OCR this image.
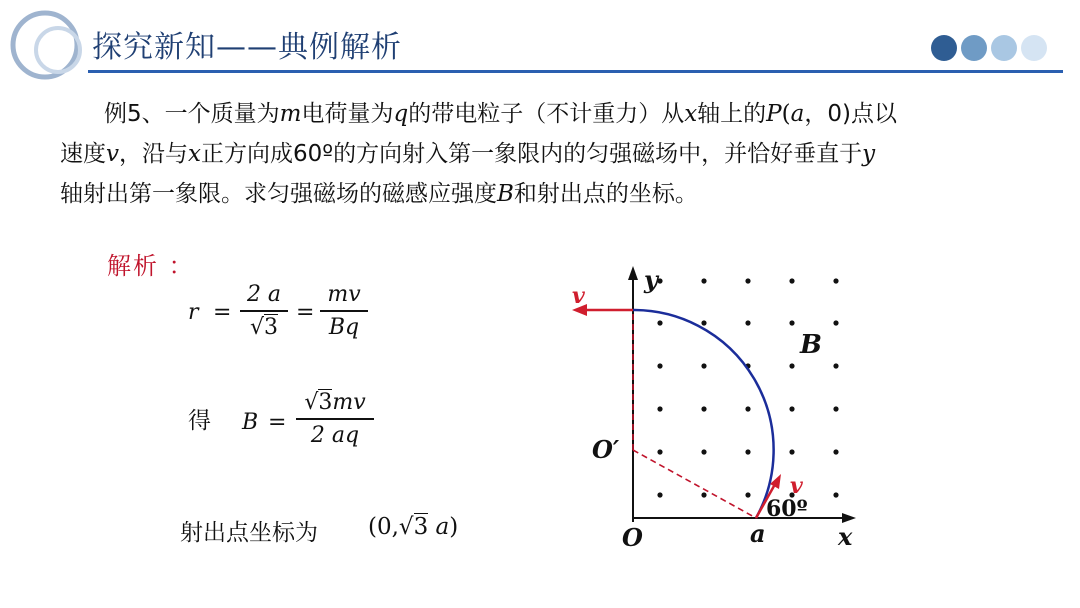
探究新知——典例解析
例5、一个质量为m电荷量为q的带电粒子（不计重力）从x轴上的P(a，0)点以
速度v，沿与x正方向成60º的方向射入第一象限内的匀强磁场中，并恰好垂直于y
轴射出第一象限。求匀强磁场的磁感应强度B和射出点的坐标。
解析 ：
r =
2 a
√3
=
mv
Bq
得 B =
√3mv
2 aq
射出点坐标为 (0,√3 a)
y
x
O
O′
a
B
v
v
60º
